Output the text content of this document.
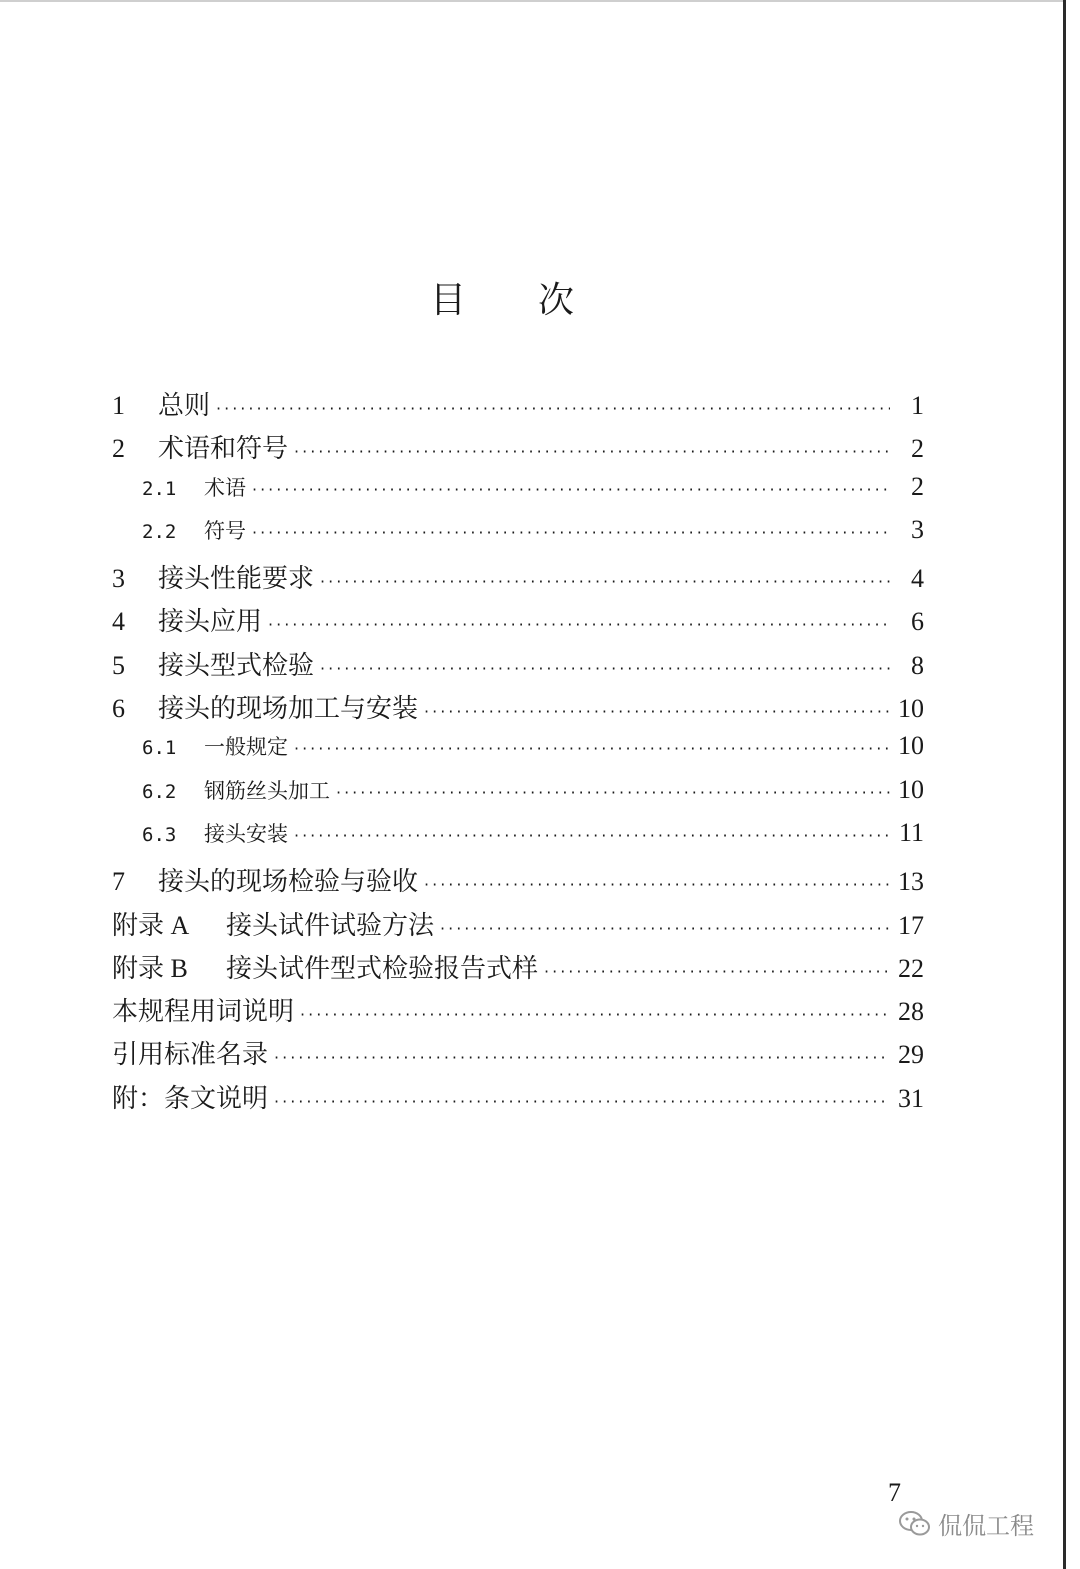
目次
1	总则 ·····	1
2	术语和符号 ·····	2
2.1	术语 ·····	2
2.2	符号 ·····	3
3	接头性能要求 ·····	4
4	接头应用 ·····	6
5	接头型式检验 ·····	8
6	接头的现场加工与安装 ·····	10
6.1	一般规定 ·····	10
6.2	钢筋丝头加工 ·····	10
6.3	接头安装 ·····	11
7	接头的现场检验与验收 ·····	13
附录 A	接头试件试验方法 ·····	17
附录 B	接头试件型式检验报告式样 ·····	22
本规程用词说明 ·····	28
引用标准名录 ·····	29
附：条文说明 ·····	31
7
侃侃工程
